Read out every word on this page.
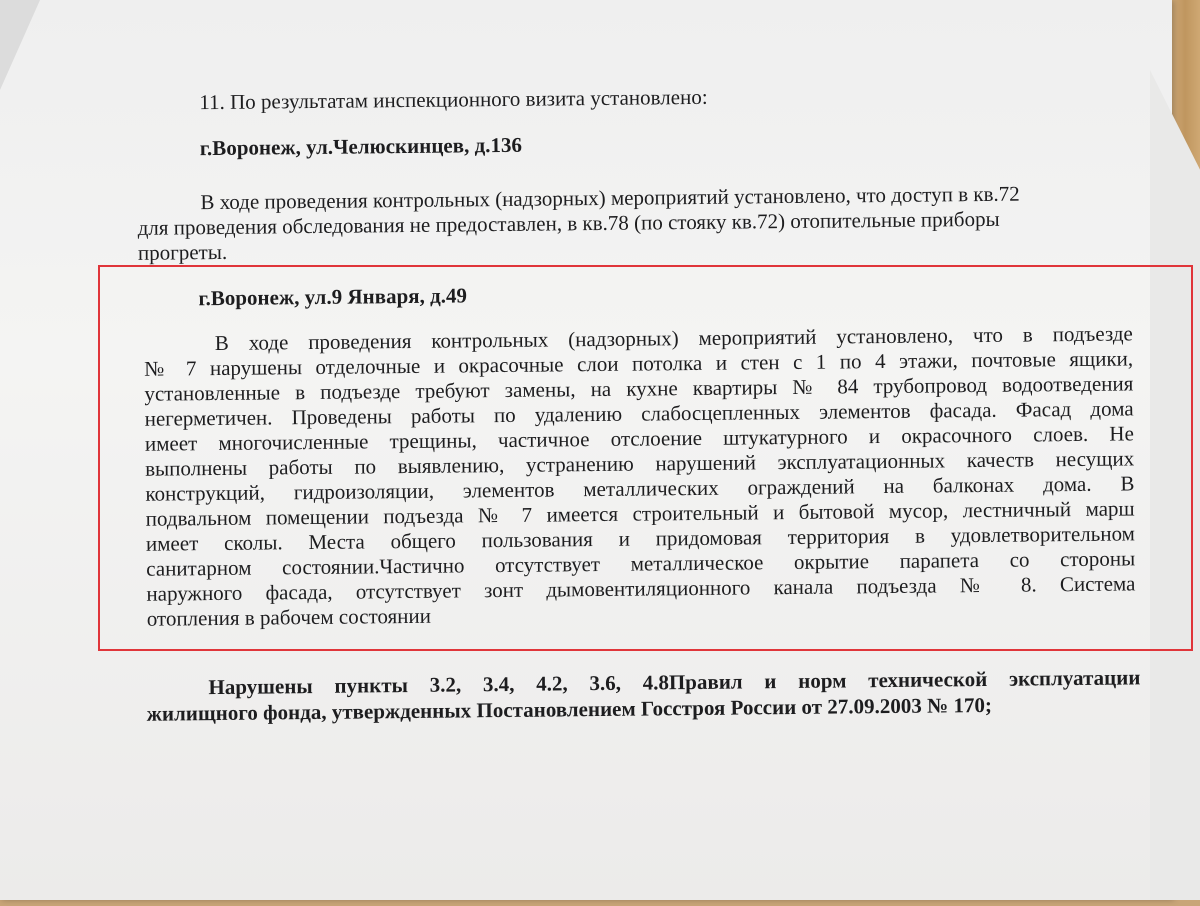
11. По результатам инспекционного визита установлено:
г.Воронеж, ул.Челюскинцев, д.136
В ходе проведения контрольных (надзорных) мероприятий установлено, что доступ в кв.72
для проведения обследования не предоставлен, в кв.78 (по стояку кв.72) отопительные приборы
прогреты.
г.Воронеж, ул.9 Января, д.49
В ходе проведения контрольных (надзорных) мероприятий установлено, что в подъезде
№ 7 нарушены отделочные и окрасочные слои потолка и стен с 1 по 4 этажи, почтовые ящики,
установленные в подъезде требуют замены, на кухне квартиры № 84 трубопровод водоотведения
негерметичен. Проведены работы по удалению слабосцепленных элементов фасада. Фасад дома
имеет многочисленные трещины, частичное отслоение штукатурного и окрасочного слоев. Не
выполнены работы по выявлению, устранению нарушений эксплуатационных качеств несущих
конструкций, гидроизоляции, элементов металлических ограждений на балконах дома. В
подвальном помещении подъезда № 7 имеется строительный и бытовой мусор, лестничный марш
имеет сколы. Места общего пользования и придомовая территория в удовлетворительном
санитарном состоянии.Частично отсутствует металлическое окрытие парапета со стороны
наружного фасада, отсутствует зонт дымовентиляционного канала подъезда № 8. Система
отопления в рабочем состоянии
Нарушены пункты 3.2, 3.4, 4.2, 3.6, 4.8Правил и норм технической эксплуатации
жилищного фонда, утвержденных Постановлением Госстроя России от 27.09.2003 № 170;
